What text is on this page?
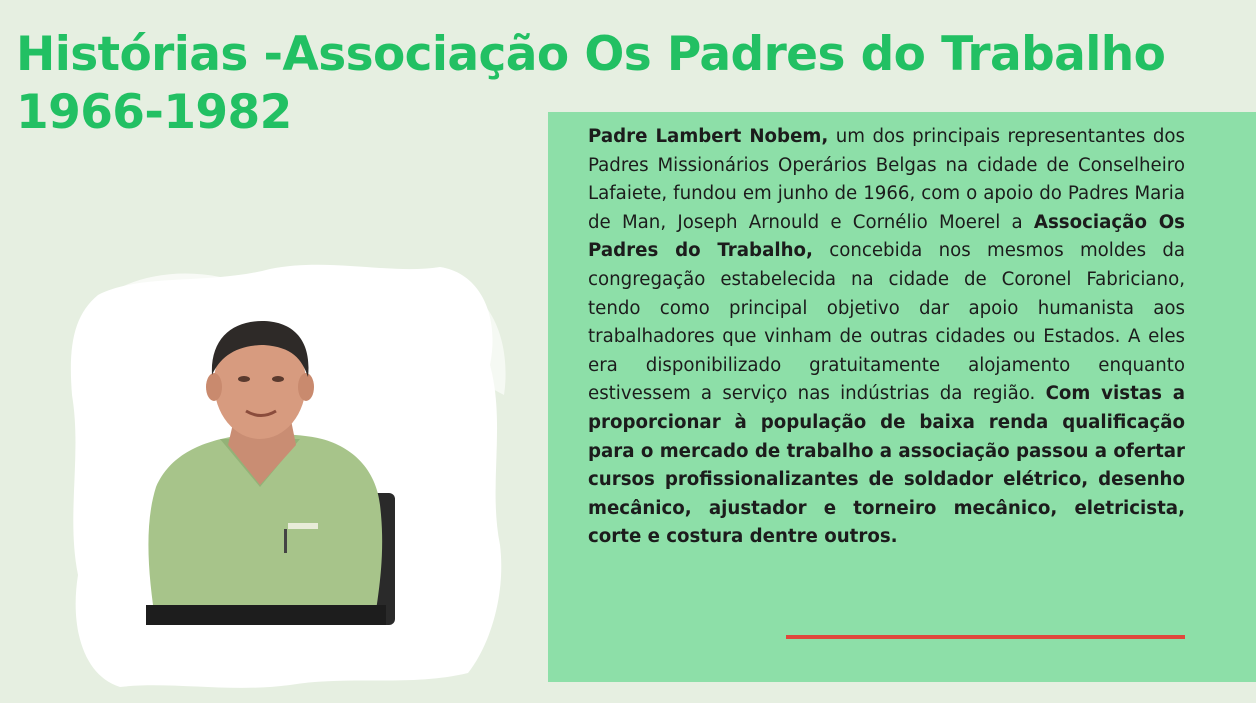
Histórias -Associação Os Padres do Trabalho
1966-1982	Padre Lambert Nobem, um dos principais representantes dos Padres Missionários Operários Belgas na cidade de Conselheiro Lafaiete, fundou em junho de 1966, com o apoio do Padres Maria de Man, Joseph Arnould e Cornélio Moerel a Associação Os Padres do Trabalho, concebida nos mesmos moldes da congregação estabelecida na cidade de Coronel Fabriciano, tendo como principal objetivo dar apoio humanista aos trabalhadores que vinham de outras cidades ou Estados. A eles era disponibilizado gratuitamente alojamento enquanto estivessem a serviço nas indústrias da região. Com vistas a proporcionar à população de baixa renda qualificação para o mercado de trabalho a associação passou a ofertar cursos profissionalizantes de soldador elétrico, desenho mecânico, ajustador e torneiro mecânico, eletricista, corte e costura dentre outros.
